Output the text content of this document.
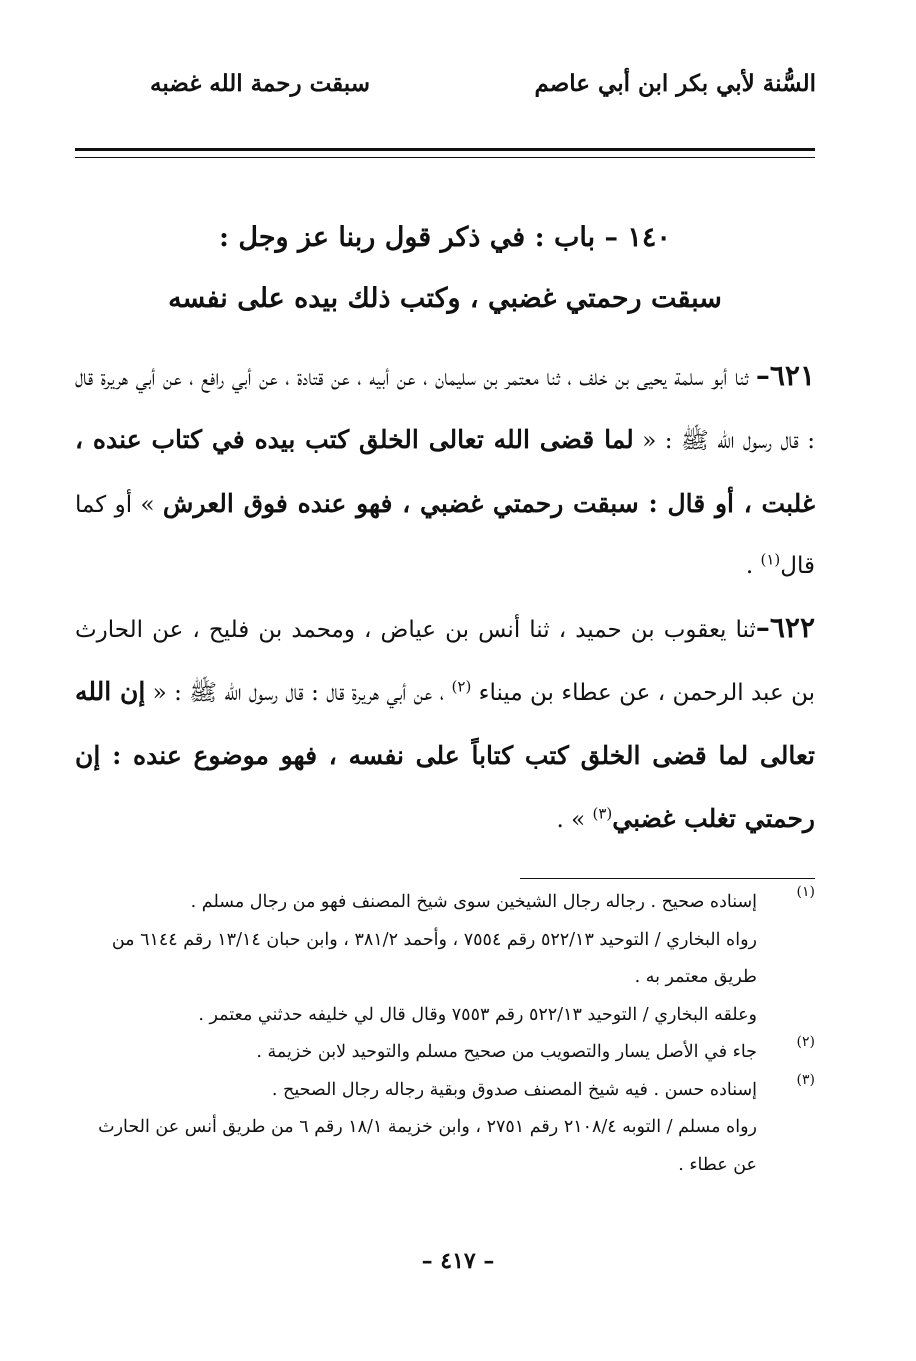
السُّنة لأبي بكر ابن أبي عاصم
سبقت رحمة الله غضبه
١٤٠ – باب : في ذكر قول ربنا عز وجل :
سبقت رحمتي غضبي ، وكتب ذلك بيده على نفسه

٦٢١– ثنا أبو سلمة يحيى بن خلف ، ثنا معتمر بن سليمان ، عن أبيه ، عن قتادة ، عن أبي رافع ، عن أبي هريرة قال : قال رسول الله ﷺ : « لما قضى الله تعالى الخلق كتب بيده في كتاب عنده ، غلبت ، أو قال : سبقت رحمتي غضبي ، فهو عنده فوق العرش » أو كما قال$^{(١)}$ .

٦٢٢–ثنا يعقوب بن حميد ، ثنا أنس بن عياض ، ومحمد بن فليح ، عن الحارث بن عبد الرحمن ، عن عطاء بن ميناء $^{(٢)}$ ، عن أبي هريرة قال : قال رسول الله ﷺ : « إن الله تعالى لما قضى الخلق كتب كتاباً على نفسه ، فهو موضوع عنده : إن رحمتي تغلب غضبي$^{(٣)}$ » .

(١)

إسناده صحيح . رجاله رجال الشيخين سوى شيخ المصنف فهو من رجال مسلم .

رواه البخاري / التوحيد ٥٢٢/١٣ رقم ٧٥٥٤ ، وأحمد ٣٨١/٢ ، وابن حبان ١٣/١٤ رقم ٦١٤٤ من طريق معتمر به .

وعلقه البخاري / التوحيد ٥٢٢/١٣ رقم ٧٥٥٣ وقال قال لي خليفه حدثني معتمر .

(٢)

جاء في الأصل يسار والتصويب من صحيح مسلم والتوحيد لابن خزيمة .

(٣)

إسناده حسن . فيه شيخ المصنف صدوق وبقية رجاله رجال الصحيح .

رواه مسلم / التوبه ٢١٠٨/٤ رقم ٢٧٥١ ، وابن خزيمة ١٨/١ رقم ٦ من طريق أنس عن الحارث عن عطاء .

– ٤١٧ –
